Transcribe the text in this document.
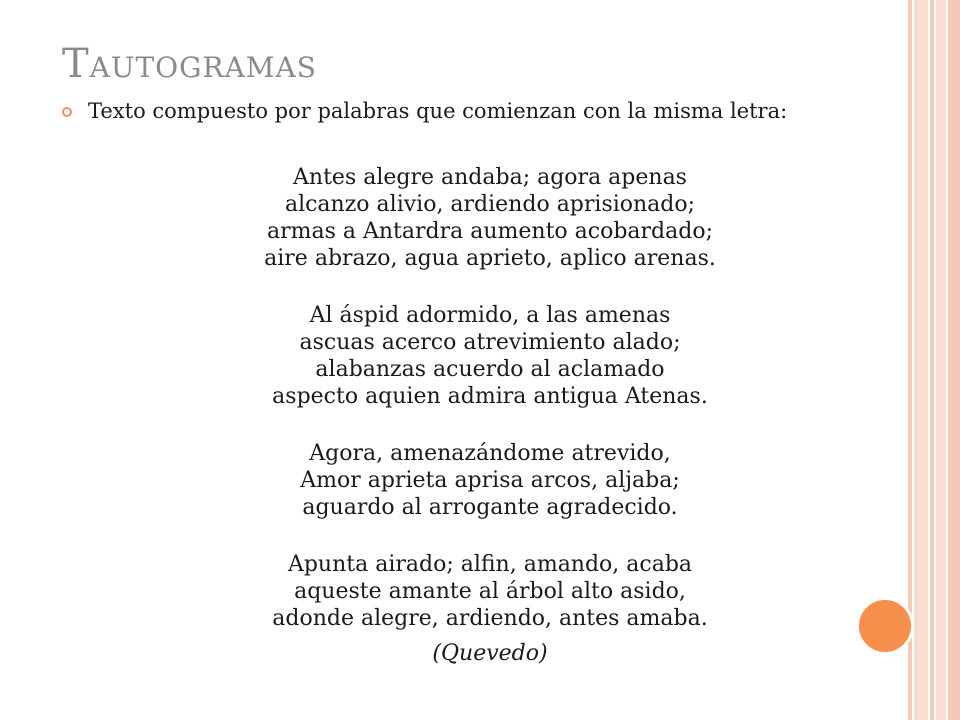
Tautogramas
Texto compuesto por palabras que comienzan con la misma letra:
Antes alegre andaba; agora apenas
alcanzo alivio, ardiendo aprisionado;
armas a Antardra aumento acobardado;
aire abrazo, agua aprieto, aplico arenas.
Al áspid adormido, a las amenas
ascuas acerco atrevimiento alado;
alabanzas acuerdo al aclamado
aspecto aquien admira antigua Atenas.
Agora, amenazándome atrevido,
Amor aprieta aprisa arcos, aljaba;
aguardo al arrogante agradecido.
Apunta airado; alfin, amando, acaba
aqueste amante al árbol alto asido,
adonde alegre, ardiendo, antes amaba.
(Quevedo)
